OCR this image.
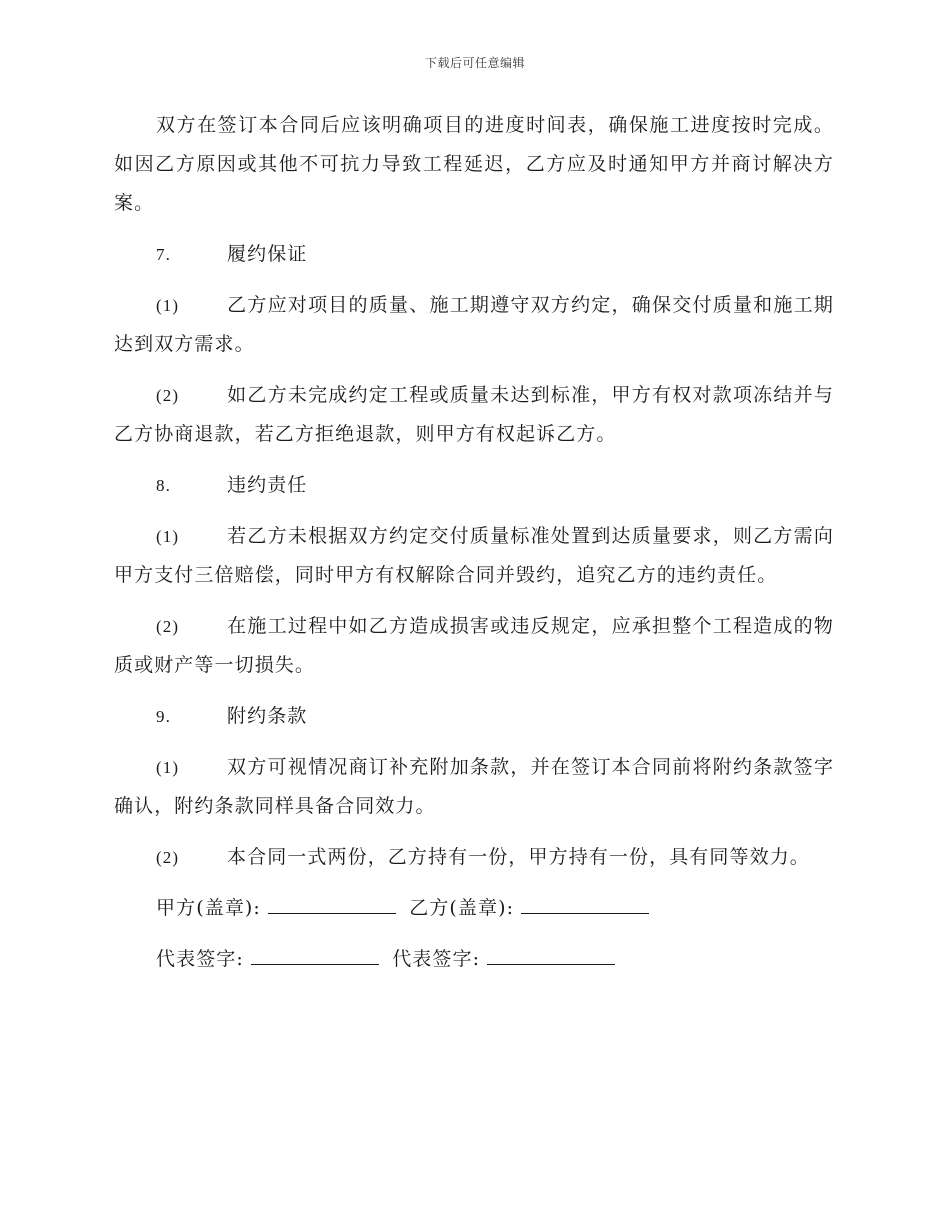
下载后可任意编辑

双方在签订本合同后应该明确项目的进度时间表，确保施工进度按时完成。如因乙方原因或其他不可抗力导致工程延迟，乙方应及时通知甲方并商讨解决方案。

7.	履约保证

(1)	乙方应对项目的质量、施工期遵守双方约定，确保交付质量和施工期达到双方需求。

(2)	如乙方未完成约定工程或质量未达到标准，甲方有权对款项冻结并与乙方协商退款，若乙方拒绝退款，则甲方有权起诉乙方。

8.	违约责任

(1)	若乙方未根据双方约定交付质量标准处置到达质量要求，则乙方需向甲方支付三倍赔偿，同时甲方有权解除合同并毁约，追究乙方的违约责任。

(2)	在施工过程中如乙方造成损害或违反规定，应承担整个工程造成的物质或财产等一切损失。

9.	附约条款

(1)	双方可视情况商订补充附加条款，并在签订本合同前将附约条款签字确认，附约条款同样具备合同效力。

(2)	本合同一式两份，乙方持有一份，甲方持有一份，具有同等效力。

甲方(盖章):	乙方(盖章):
代表签字:	代表签字:
